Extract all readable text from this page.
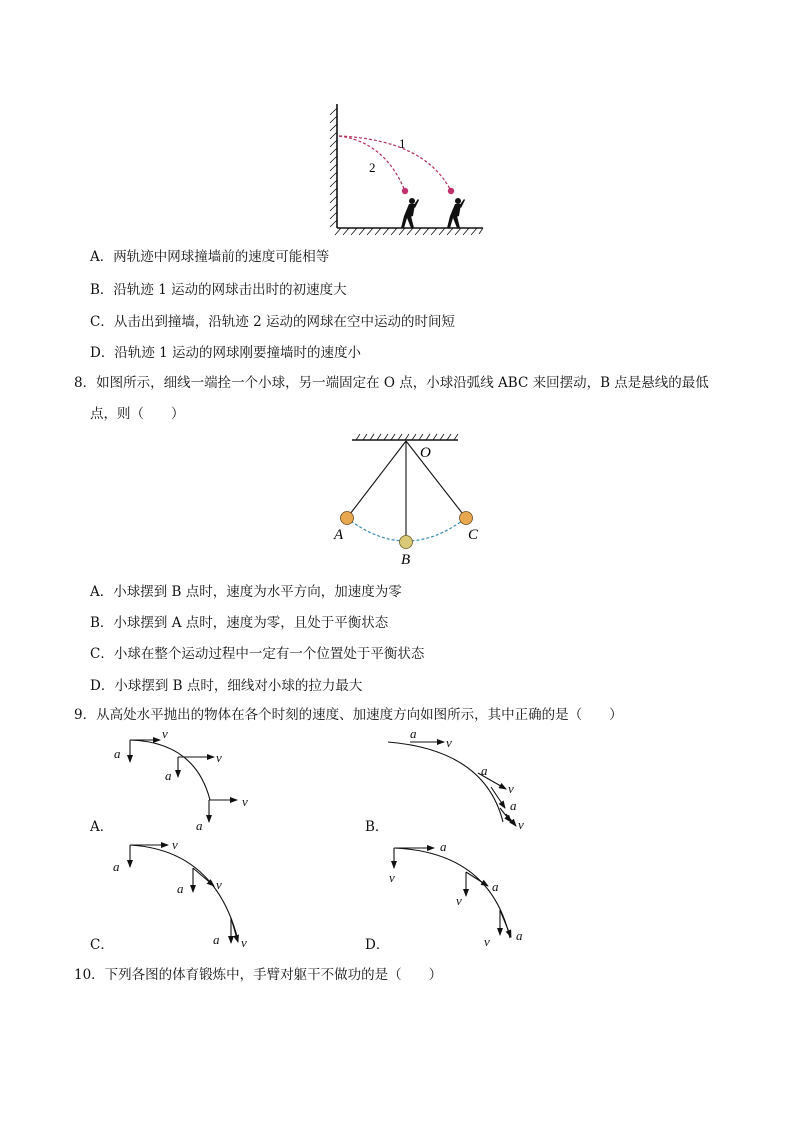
1
2
A．两轨迹中网球撞墙前的速度可能相等
B．沿轨迹 1 运动的网球击出时的初速度大
C．从击出到撞墙，沿轨迹 2 运动的网球在空中运动的时间短
D．沿轨迹 1 运动的网球刚要撞墙时的速度小
8．如图所示，细线一端拴一个小球，另一端固定在 O 点，小球沿弧线 ABC 来回摆动，B 点是悬线的最低
点，则（　　）
O
A
B
C
A．小球摆到 B 点时，速度为水平方向，加速度为零
B．小球摆到 A 点时，速度为零，且处于平衡状态
C．小球在整个运动过程中一定有一个位置处于平衡状态
D．小球摆到 B 点时，细线对小球的拉力最大
9．从高处水平抛出的物体在各个时刻的速度、加速度方向如图所示，其中正确的是（　　）
v
a	v
a
v
a
a
v
a
v
a
v
v
a
a	v
a v
a
v
a
v
v a
A．	B．
C．	D．
10．下列各图的体育锻炼中，手臂对躯干不做功的是（　　）
